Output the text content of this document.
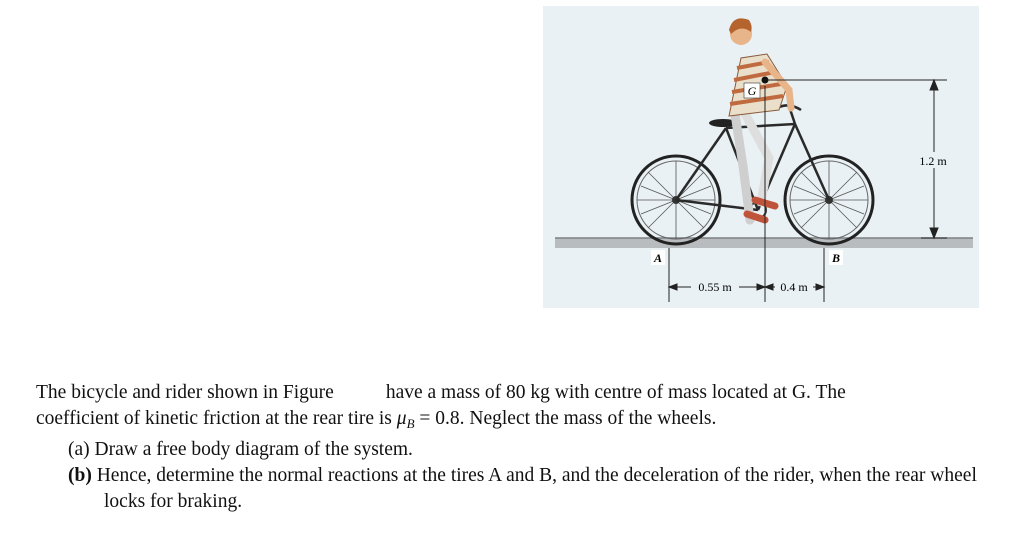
G
1.2 m
A	B
0.55 m	0.4 m

The bicycle and rider shown in Figure	have a mass of 80 kg with centre of mass located at G. The

coefficient of kinetic friction at the rear tire is $\mu_B = 0.8$. Neglect the mass of the wheels.

(a) Draw a free body diagram of the system.

(b) Hence, determine the normal reactions at the tires A and B, and the deceleration of the rider, when the rear wheel locks for braking.
